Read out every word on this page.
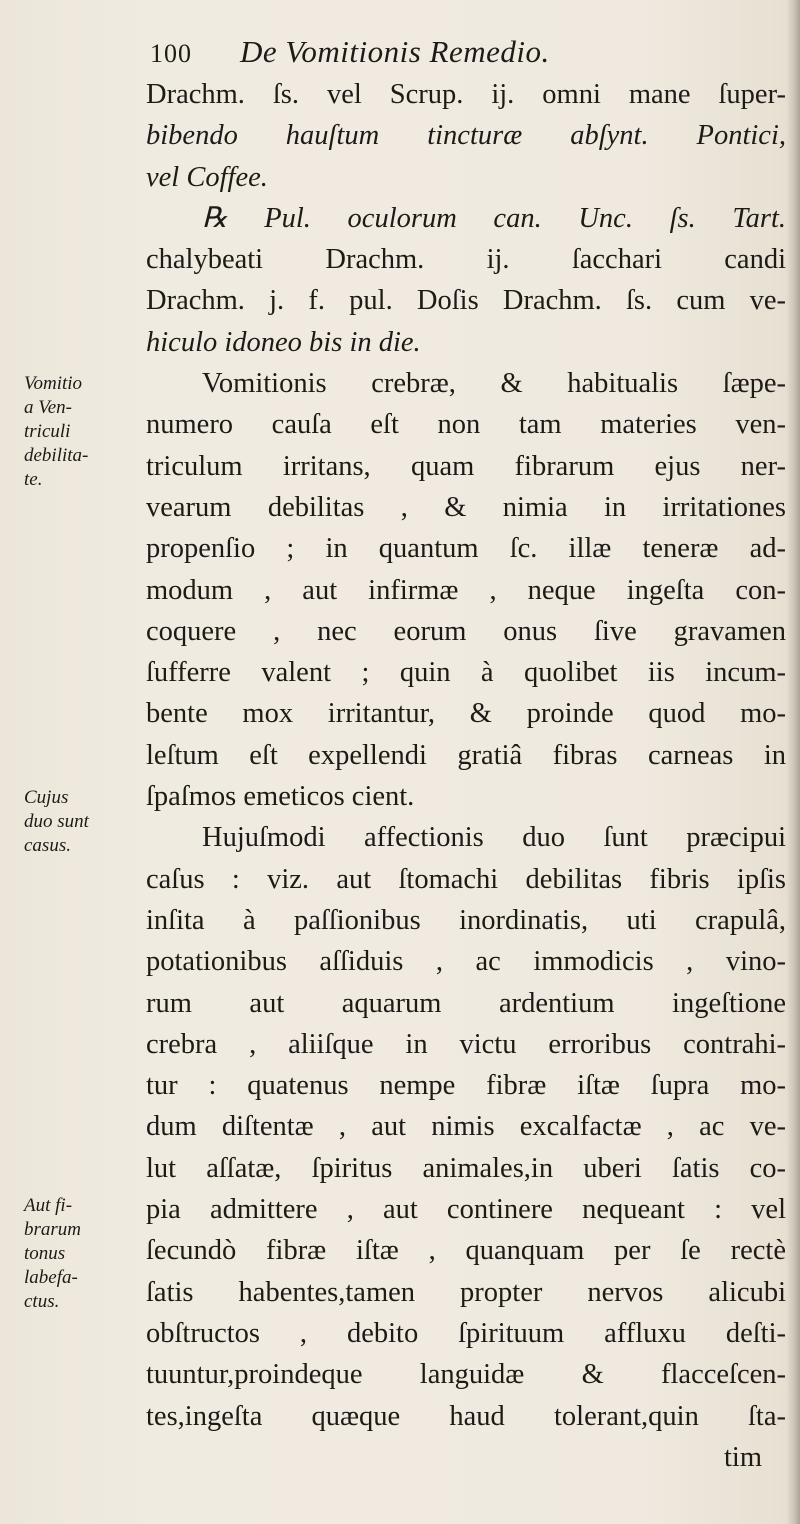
100	De Vomitionis Remedio.
Vomitio
a Ven-
triculi
debilita-
te.
Cujus
duo sunt
casus.
Aut fi-
brarum
tonus
labefa-
ctus.
Drachm. ſs. vel Scrup. ij. omni mane ſuper-
bibendo hauſtum tincturæ abſynt. Pontici,
vel Coffee.
℞ Pul. oculorum can. Unc. ſs. Tart.
chalybeati Drachm. ij. ſacchari candi
Drachm. j. f. pul. Doſis Drachm. ſs. cum ve-
hiculo idoneo bis in die.
Vomitionis crebræ, & habitualis ſæpe-
numero cauſa eſt non tam materies ven-
triculum irritans, quam fibrarum ejus ner-
vearum debilitas , & nimia in irritationes
propenſio ; in quantum ſc. illæ teneræ ad-
modum , aut infirmæ , neque ingeſta con-
coquere , nec eorum onus ſive gravamen
ſufferre valent ; quin à quolibet iis incum-
bente mox irritantur, & proinde quod mo-
leſtum eſt expellendi gratiâ fibras carneas in
ſpaſmos emeticos cient.
Hujuſmodi affectionis duo ſunt præcipui
caſus : viz. aut ſtomachi debilitas fibris ipſis
inſita à paſſionibus inordinatis, uti crapulâ,
potationibus aſſiduis , ac immodicis , vino-
rum aut aquarum ardentium ingeſtione
crebra , aliiſque in victu erroribus contrahi-
tur : quatenus nempe fibræ iſtæ ſupra mo-
dum diſtentæ , aut nimis excalfactæ , ac ve-
lut aſſatæ, ſpiritus animales,in uberi ſatis co-
pia admittere , aut continere nequeant : vel
ſecundò fibræ iſtæ , quanquam per ſe rectè
ſatis habentes,tamen propter nervos alicubi
obſtructos , debito ſpirituum affluxu deſti-
tuuntur,proindeque languidæ & flacceſcen-
tes,ingeſta quæque haud tolerant,quin ſta-
tim
